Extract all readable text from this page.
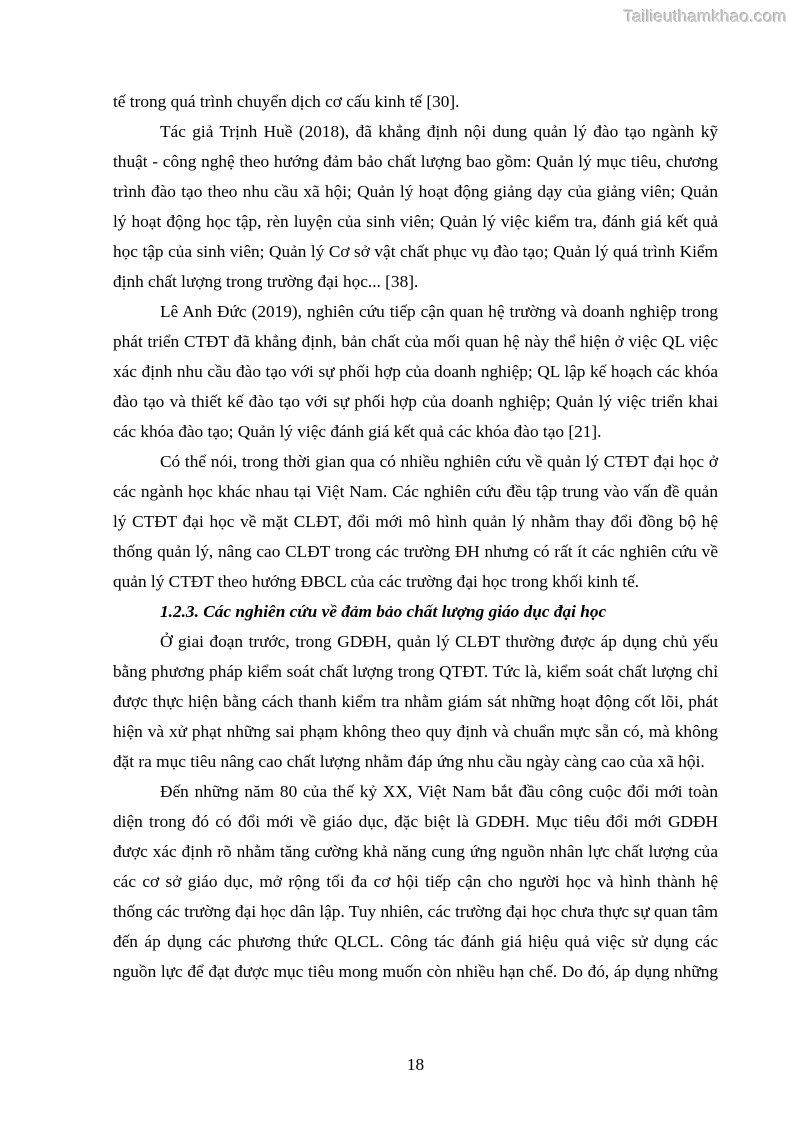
Tailieuthamkhao.com

tế trong quá trình chuyển dịch cơ cấu kinh tế [30].

Tác giả Trịnh Huề (2018), đã khẳng định nội dung quản lý đào tạo ngành kỹ thuật - công nghệ theo hướng đảm bảo chất lượng bao gồm: Quản lý mục tiêu, chương trình đào tạo theo nhu cầu xã hội; Quản lý hoạt động giảng dạy của giảng viên; Quản lý hoạt động học tập, rèn luyện của sinh viên; Quản lý việc kiểm tra, đánh giá kết quả học tập của sinh viên; Quản lý Cơ sở vật chất phục vụ đào tạo; Quản lý quá trình Kiểm định chất lượng trong trường đại học... [38].

Lê Anh Đức (2019), nghiên cứu tiếp cận quan hệ trường và doanh nghiệp trong phát triển CTĐT đã khẳng định, bản chất của mối quan hệ này thể hiện ở việc QL việc xác định nhu cầu đào tạo với sự phối hợp của doanh nghiệp; QL lập kế hoạch các khóa đào tạo và thiết kế đào tạo với sự phối hợp của doanh nghiệp; Quản lý việc triển khai các khóa đào tạo; Quản lý việc đánh giá kết quả các khóa đào tạo [21].

Có thể nói, trong thời gian qua có nhiều nghiên cứu về quản lý CTĐT đại học ở các ngành học khác nhau tại Việt Nam. Các nghiên cứu đều tập trung vào vấn đề quản lý CTĐT đại học về mặt CLĐT, đổi mới mô hình quản lý nhằm thay đổi đồng bộ hệ thống quản lý, nâng cao CLĐT trong các trường ĐH nhưng có rất ít các nghiên cứu về quản lý CTĐT theo hướng ĐBCL của các trường đại học trong khối kinh tế.

1.2.3. Các nghiên cứu về đảm bảo chất lượng giáo dục đại học

Ở giai đoạn trước, trong GDĐH, quản lý CLĐT thường được áp dụng chủ yếu bằng phương pháp kiểm soát chất lượng trong QTĐT. Tức là, kiểm soát chất lượng chỉ được thực hiện bằng cách thanh kiểm tra nhằm giám sát những hoạt động cốt lõi, phát hiện và xử phạt những sai phạm không theo quy định và chuẩn mực sẵn có, mà không đặt ra mục tiêu nâng cao chất lượng nhằm đáp ứng nhu cầu ngày càng cao của xã hội.

Đến những năm 80 của thế kỷ XX, Việt Nam bắt đầu công cuộc đổi mới toàn diện trong đó có đổi mới về giáo dục, đặc biệt là GDĐH. Mục tiêu đổi mới GDĐH được xác định rõ nhằm tăng cường khả năng cung ứng nguồn nhân lực chất lượng của các cơ sở giáo dục, mở rộng tối đa cơ hội tiếp cận cho người học và hình thành hệ thống các trường đại học dân lập. Tuy nhiên, các trường đại học chưa thực sự quan tâm đến áp dụng các phương thức QLCL. Công tác đánh giá hiệu quả việc sử dụng các nguồn lực để đạt được mục tiêu mong muốn còn nhiều hạn chế. Do đó, áp dụng những

18
